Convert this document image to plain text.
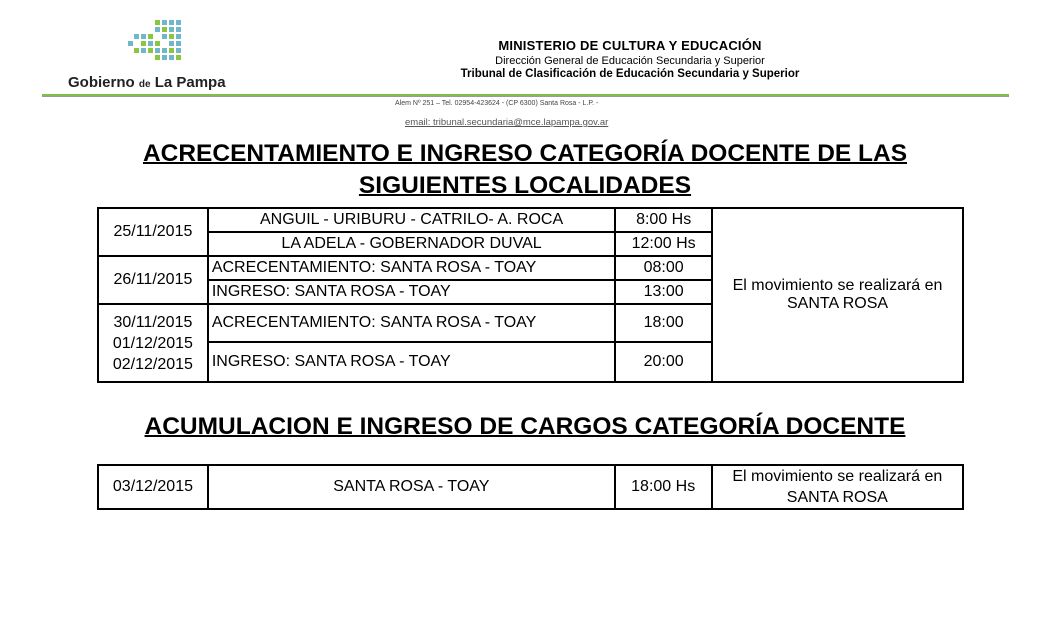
Gobierno de La Pampa
MINISTERIO DE CULTURA Y EDUCACIÓN
Dirección General de Educación Secundaria y Superior
Tribunal de Clasificación de Educación Secundaria y Superior
Alem Nº 251 – Tel. 02954-423624 - (CP 6300) Santa Rosa - L.P. -
email: tribunal.secundaria@mce.lapampa.gov.ar
ACRECENTAMIENTO E INGRESO CATEGORÍA DOCENTE DE LAS
SIGUIENTES LOCALIDADES
25/11/2015	ANGUIL - URIBURU - CATRILO- A. ROCA	8:00 Hs	El movimiento se realizará en SANTA ROSA
	LA ADELA - GOBERNADOR DUVAL	12:00 Hs	
26/11/2015	ACRECENTAMIENTO: SANTA ROSA - TOAY	08:00	
	INGRESO: SANTA ROSA - TOAY	13:00	

30/11/2015
01/12/2015
02/12/2015	ACRECENTAMIENTO: SANTA ROSA - TOAY	18:00	
	INGRESO: SANTA ROSA - TOAY	20:00	
ACUMULACION E INGRESO DE CARGOS CATEGORÍA DOCENTE
03/12/2015	SANTA ROSA - TOAY	18:00 Hs	El movimiento se realizará en SANTA ROSA
